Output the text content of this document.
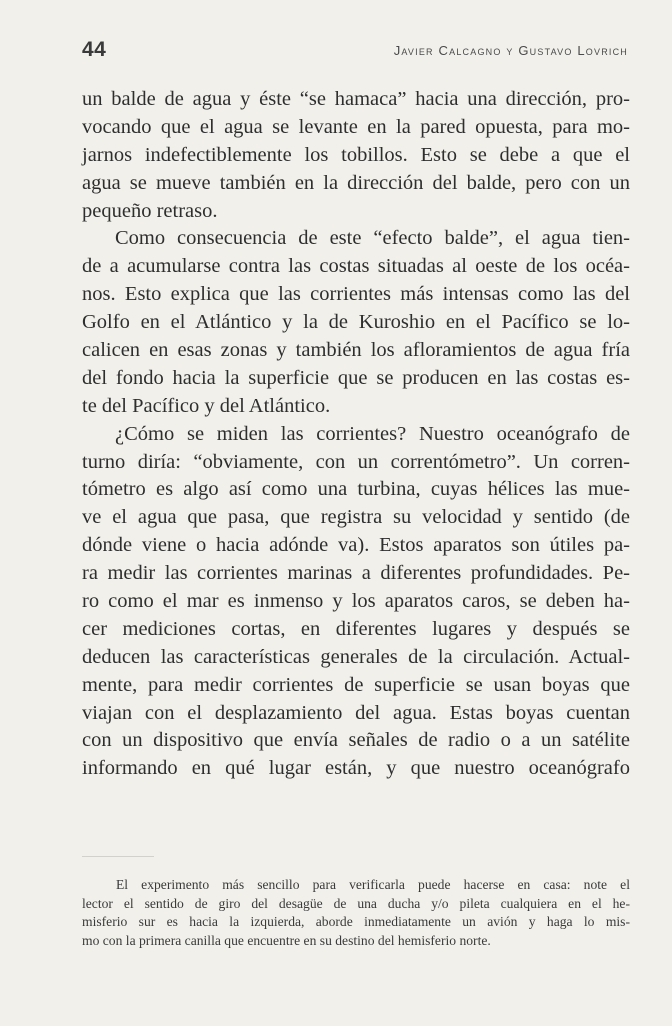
44	Javier Calcagno y Gustavo Lovrich
un balde de agua y éste “se hamaca” hacia una dirección, pro-
vocando que el agua se levante en la pared opuesta, para mo-
jarnos indefectiblemente los tobillos. Esto se debe a que el
agua se mueve también en la dirección del balde, pero con un
pequeño retraso.
Como consecuencia de este “efecto balde”, el agua tien-
de a acumularse contra las costas situadas al oeste de los océa-
nos. Esto explica que las corrientes más intensas como las del
Golfo en el Atlántico y la de Kuroshio en el Pacífico se lo-
calicen en esas zonas y también los afloramientos de agua fría
del fondo hacia la superficie que se producen en las costas es-
te del Pacífico y del Atlántico.
¿Cómo se miden las corrientes? Nuestro oceanógrafo de
turno diría: “obviamente, con un correntómetro”. Un corren-
tómetro es algo así como una turbina, cuyas hélices las mue-
ve el agua que pasa, que registra su velocidad y sentido (de
dónde viene o hacia adónde va). Estos aparatos son útiles pa-
ra medir las corrientes marinas a diferentes profundidades. Pe-
ro como el mar es inmenso y los aparatos caros, se deben ha-
cer mediciones cortas, en diferentes lugares y después se
deducen las características generales de la circulación. Actual-
mente, para medir corrientes de superficie se usan boyas que
viajan con el desplazamiento del agua. Estas boyas cuentan
con un dispositivo que envía señales de radio o a un satélite
informando en qué lugar están, y que nuestro oceanógrafo
El experimento más sencillo para verificarla puede hacerse en casa: note el
lector el sentido de giro del desagüe de una ducha y/o pileta cualquiera en el he-
misferio sur es hacia la izquierda, aborde inmediatamente un avión y haga lo mis-
mo con la primera canilla que encuentre en su destino del hemisferio norte.
